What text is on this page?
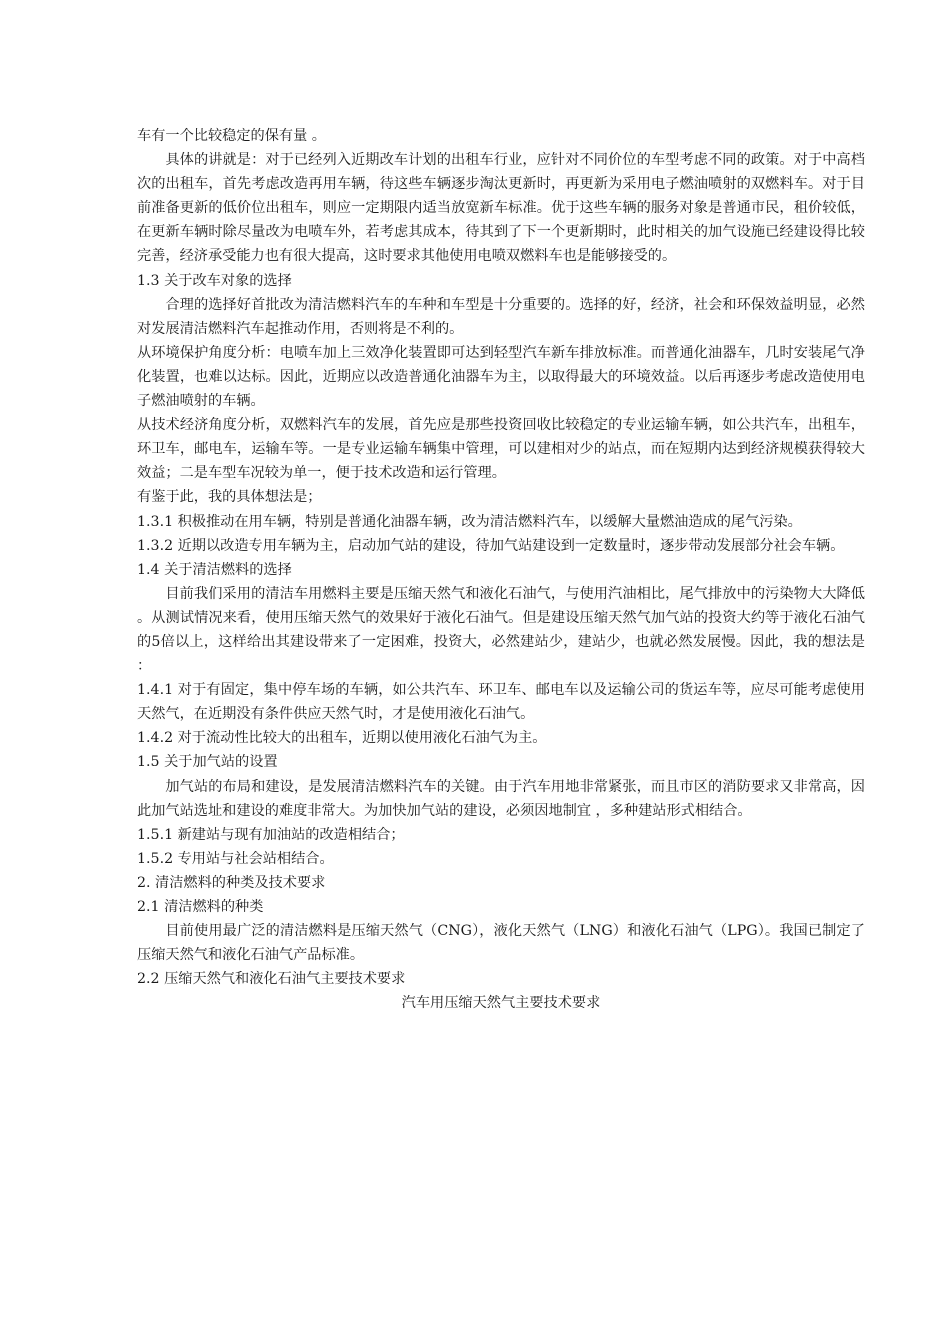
车有一个比较稳定的保有量 。

具体的讲就是：对于已经列入近期改车计划的出租车行业，应针对不同价位的车型考虑不同的政策。对于中高档次的出租车，首先考虑改造再用车辆，待这些车辆逐步淘汰更新时，再更新为采用电子燃油喷射的双燃料车。对于目前准备更新的低价位出租车，则应一定期限内适当放宽新车标准。优于这些车辆的服务对象是普通市民，租价较低，在更新车辆时除尽量改为电喷车外，若考虑其成本，待其到了下一个更新期时，此时相关的加气设施已经建设得比较完善，经济承受能力也有很大提高，这时要求其他使用电喷双燃料车也是能够接受的。

1.3 关于改车对象的选择

合理的选择好首批改为清洁燃料汽车的车种和车型是十分重要的。选择的好，经济，社会和环保效益明显，必然对发展清洁燃料汽车起推动作用，否则将是不利的。

从环境保护角度分析：电喷车加上三效净化装置即可达到轻型汽车新车排放标准。而普通化油器车，几时安装尾气净化装置，也难以达标。因此，近期应以改造普通化油器车为主，以取得最大的环境效益。以后再逐步考虑改造使用电子燃油喷射的车辆。

从技术经济角度分析，双燃料汽车的发展，首先应是那些投资回收比较稳定的专业运输车辆，如公共汽车，出租车，环卫车，邮电车，运输车等。一是专业运输车辆集中管理，可以建相对少的站点，而在短期内达到经济规模获得较大效益；二是车型车况较为单一，便于技术改造和运行管理。

有鉴于此，我的具体想法是；

1.3.1 积极推动在用车辆，特别是普通化油器车辆，改为清洁燃料汽车，以缓解大量燃油造成的尾气污染。

1.3.2 近期以改造专用车辆为主，启动加气站的建设，待加气站建设到一定数量时，逐步带动发展部分社会车辆。

1.4 关于清洁燃料的选择

目前我们采用的清洁车用燃料主要是压缩天然气和液化石油气，与使用汽油相比，尾气排放中的污染物大大降低。从测试情况来看，使用压缩天然气的效果好于液化石油气。但是建设压缩天然气加气站的投资大约等于液化石油气的5倍以上，这样给出其建设带来了一定困难，投资大，必然建站少，建站少，也就必然发展慢。因此，我的想法是：

1.4.1 对于有固定，集中停车场的车辆，如公共汽车、环卫车、邮电车以及运输公司的货运车等，应尽可能考虑使用天然气，在近期没有条件供应天然气时，才是使用液化石油气。

1.4.2 对于流动性比较大的出租车，近期以使用液化石油气为主。

1.5 关于加气站的设置

加气站的布局和建设，是发展清洁燃料汽车的关键。由于汽车用地非常紧张，而且市区的消防要求又非常高，因此加气站选址和建设的难度非常大。为加快加气站的建设，必须因地制宜 ，多种建站形式相结合。

1.5.1 新建站与现有加油站的改造相结合；

1.5.2 专用站与社会站相结合。

2. 清洁燃料的种类及技术要求

2.1 清洁燃料的种类

目前使用最广泛的清洁燃料是压缩天然气（CNG），液化天然气（LNG）和液化石油气（LPG）。我国已制定了压缩天然气和液化石油气产品标准。

2.2 压缩天然气和液化石油气主要技术要求

汽车用压缩天然气主要技术要求
